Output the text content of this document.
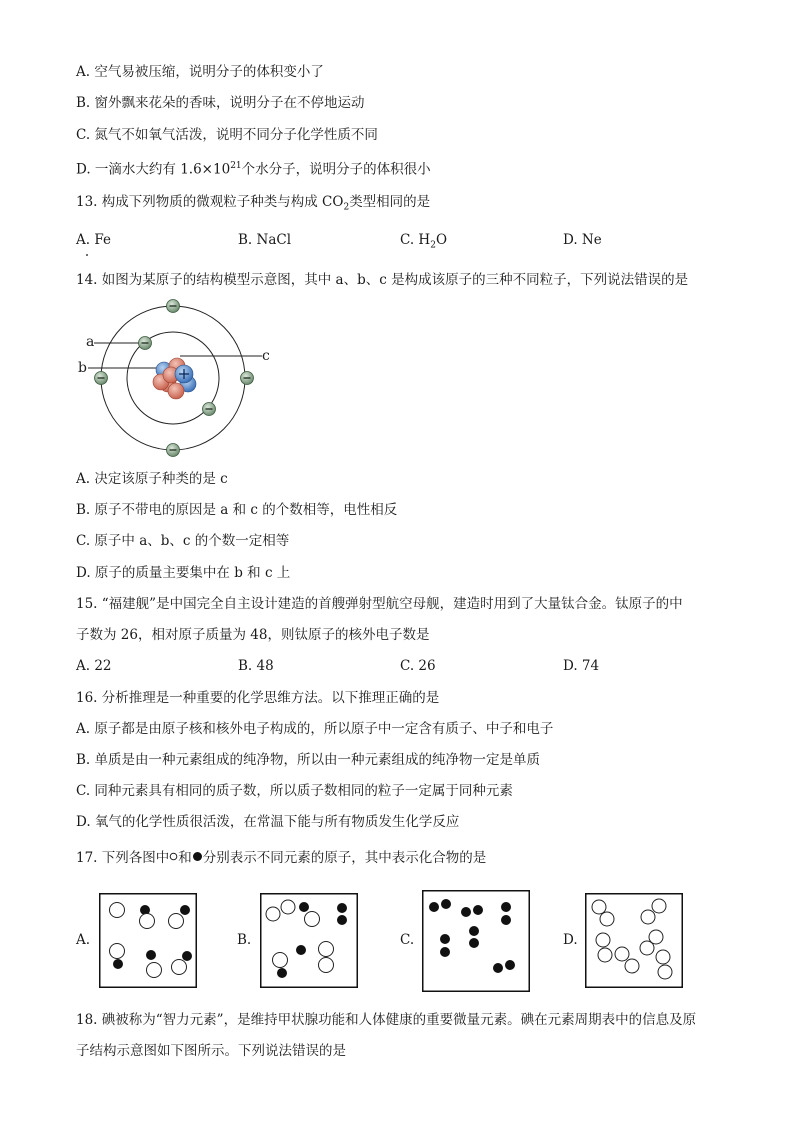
A. 空气易被压缩，说明分子的体积变小了
B. 窗外飘来花朵的香味，说明分子在不停地运动
C. 氮气不如氧气活泼，说明不同分子化学性质不同
D. 一滴水大约有 $1.6\times 10^{21}$个水分子，说明分子的体积很小
13. 构成下列物质的微观粒子种类与构成 $CO_2$类型相同的是
A. Fe	B. NaCl	C. $H_2O$	D. Ne
14. 如图为某原子的结构模型示意图，其中 a、b、c 是构成该原子的三种不同粒子，下列说法错误的是
a
b
c
A. 决定该原子种类的是 c
B. 原子不带电的原因是 a 和 c 的个数相等，电性相反
C. 原子中 a、b、c 的个数一定相等
D. 原子的质量主要集中在 b 和 c 上
15. “福建舰”是中国完全自主设计建造的首艘弹射型航空母舰，建造时用到了大量钛合金。钛原子的中
子数为 26，相对原子质量为 48，则钛原子的核外电子数是
A. 22	B. 48	C. 26	D. 74
16. 分析推理是一种重要的化学思维方法。以下推理正确的是
A. 原子都是由原子核和核外电子构成的，所以原子中一定含有质子、中子和电子
B. 单质是由一种元素组成的纯净物，所以由一种元素组成的纯净物一定是单质
C. 同种元素具有相同的质子数，所以质子数相同的粒子一定属于同种元素
D. 氧气的化学性质很活泼，在常温下能与所有物质发生化学反应
17. 下列各图中 和 分别表示不同元素的原子，其中表示化合物的是
A.	B.	C.	D.
18. 碘被称为“智力元素”，是维持甲状腺功能和人体健康的重要微量元素。碘在元素周期表中的信息及原
子结构示意图如下图所示。下列说法错误的是
